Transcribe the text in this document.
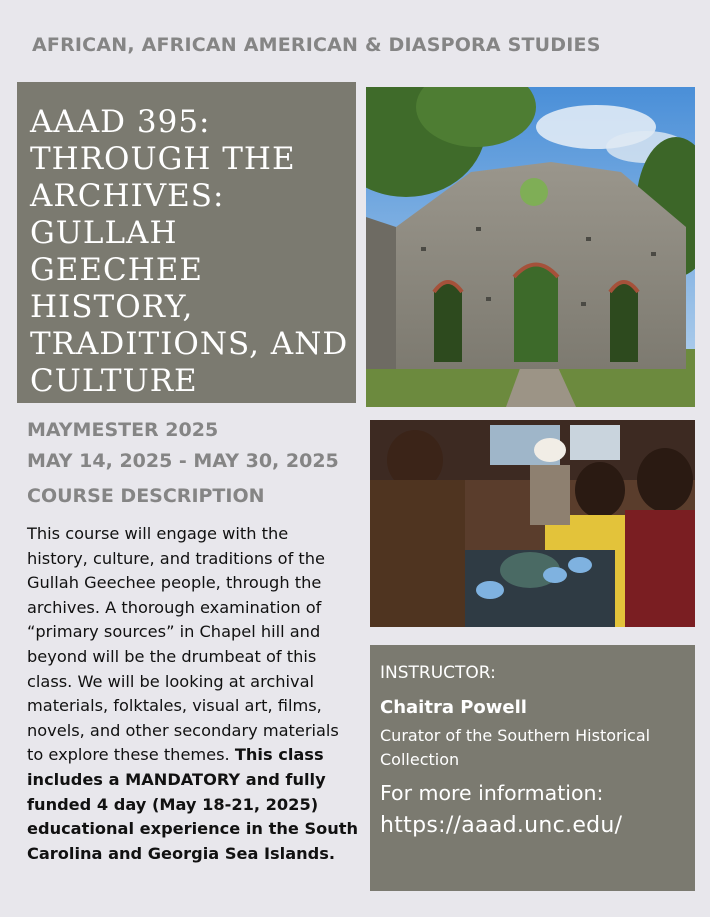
AFRICAN, AFRICAN AMERICAN & DIASPORA STUDIES
AAAD 395:
THROUGH THE
ARCHIVES:
GULLAH GEECHEE
HISTORY,
TRADITIONS, AND
CULTURE
MAYMESTER 2025
MAY 14, 2025 - MAY 30, 2025
COURSE DESCRIPTION
This course will engage with the
history, culture, and traditions of the
Gullah Geechee people, through the
archives. A thorough examination of
“primary sources” in Chapel hill and
beyond will be the drumbeat of this
class. We will be looking at archival
materials, folktales, visual art, films,
novels, and other secondary materials
to explore these themes. This class
includes a MANDATORY and fully
funded 4 day (May 18-21, 2025)
educational experience in the South
Carolina and Georgia Sea Islands.
INSTRUCTOR:
Chaitra Powell
Curator of the Southern Historical Collection
For more information:
https://aaad.unc.edu/
